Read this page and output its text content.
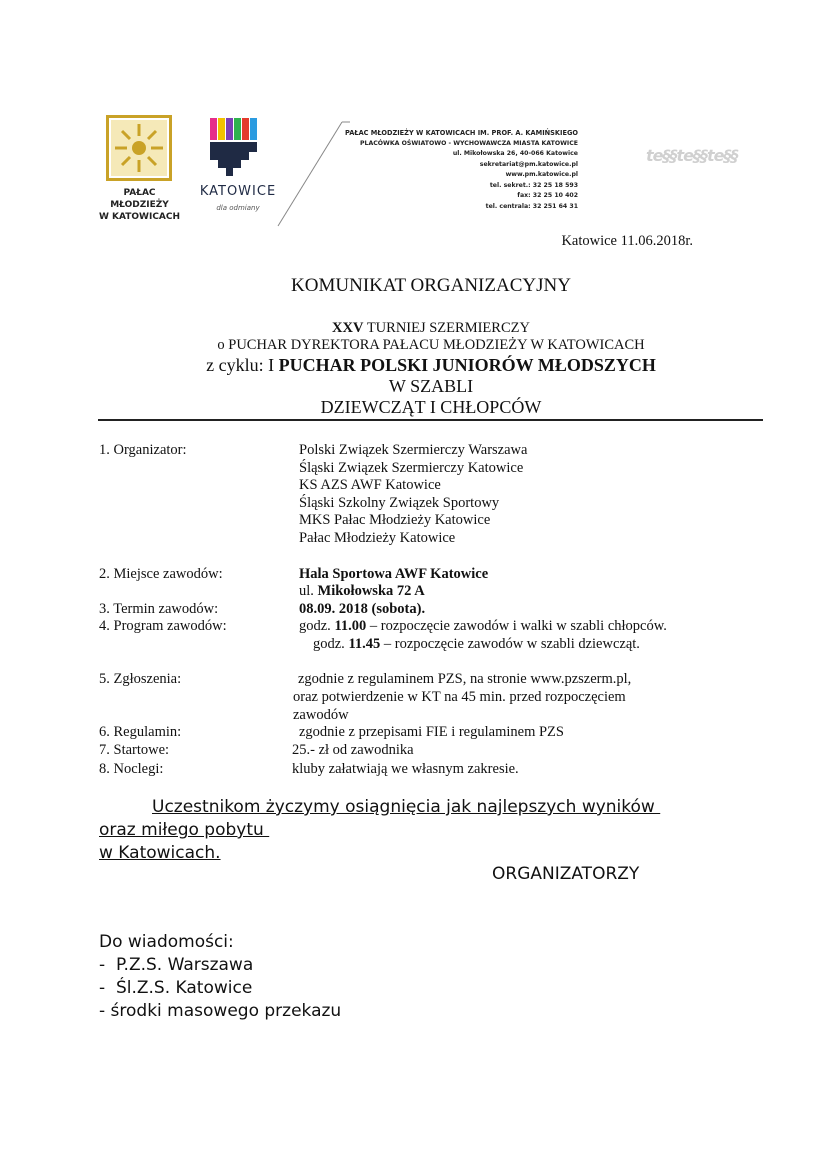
PAŁAC MŁODZIEŻY
W KATOWICACH
KATOWICE
dla odmiany
PAŁAC MŁODZIEŻY W KATOWICACH IM. PROF. A. KAMIŃSKIEGO
PLACÓWKA OŚWIATOWO - WYCHOWAWCZA MIASTA KATOWICE
ul. Mikołowska 26, 40-066 Katowice
sekretariat@pm.katowice.pl
www.pm.katowice.pl
tel. sekret.: 32 25 18 593
fax: 32 25 10 402
tel. centrala: 32 251 64 31
te§§te§§te§§
Katowice 11.06.2018r.
KOMUNIKAT ORGANIZACYJNY
XXV TURNIEJ SZERMIERCZY
o PUCHAR DYREKTORA PAŁACU MŁODZIEŻY W KATOWICACH
z cyklu: I PUCHAR POLSKI JUNIORÓW MŁODSZYCH
W SZABLI
DZIEWCZĄT I CHŁOPCÓW
1. Organizator:	Polski Związek Szermierczy Warszawa
Śląski Związek Szermierczy Katowice
KS AZS AWF Katowice
Śląski Szkolny Związek Sportowy
MKS Pałac Młodzieży Katowice
Pałac Młodzieży Katowice
2. Miejsce zawodów:	Hala Sportowa AWF Katowice
ul. Mikołowska 72 A
3. Termin zawodów:	08.09. 2018 (sobota).
4. Program zawodów:	godz. 11.00 – rozpoczęcie zawodów i walki w szabli chłopców.
godz. 11.45 – rozpoczęcie zawodów w szabli dziewcząt.
5. Zgłoszenia:	zgodnie z regulaminem PZS, na stronie www.pzszerm.pl,
oraz potwierdzenie w KT na 45 min. przed rozpoczęciem
zawodów
6. Regulamin:	zgodnie z przepisami FIE i regulaminem PZS
7. Startowe:	25.- zł od zawodnika
8. Noclegi:	kluby załatwiają we własnym zakresie.
Uczestnikom życzymy osiągnięcia jak najlepszych wyników
oraz miłego pobytu
w Katowicach.
ORGANIZATORZY
Do wiadomości:
-  P.Z.S. Warszawa
-  Śl.Z.S. Katowice
- środki masowego przekazu
